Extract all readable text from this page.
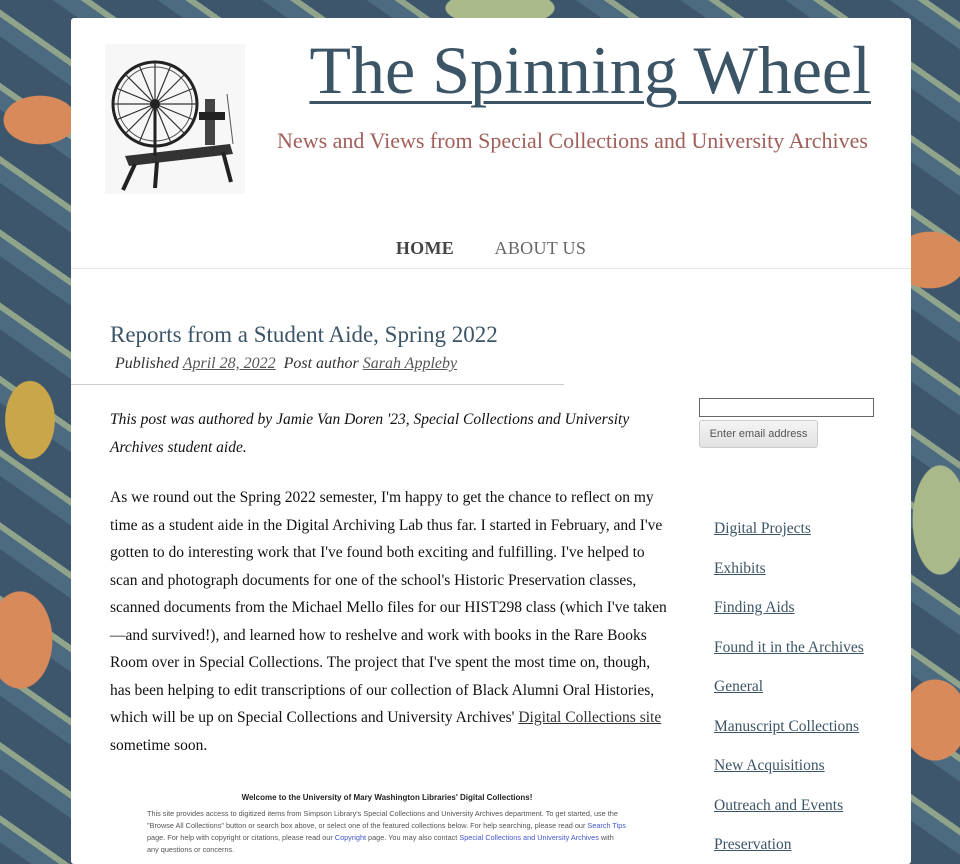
The Spinning Wheel
News and Views from Special Collections and University Archives
HOME ABOUT US
Reports from a Student Aide, Spring 2022
Published April 28, 2022 Post author Sarah Appleby

This post was authored by Jamie Van Doren '23, Special Collections and University Archives student aide.

As we round out the Spring 2022 semester, I'm happy to get the chance to reflect on my time as a student aide in the Digital Archiving Lab thus far. I started in February, and I've gotten to do interesting work that I've found both exciting and fulfilling. I've helped to scan and photograph documents for one of the school's Historic Preservation classes, scanned documents from the Michael Mello files for our HIST298 class (which I've taken—and survived!), and learned how to reshelve and work with books in the Rare Books Room over in Special Collections. The project that I've spent the most time on, though, has been helping to edit transcriptions of our collection of Black Alumni Oral Histories, which will be up on Special Collections and University Archives' Digital Collections site sometime soon.

Welcome to the University of Mary Washington Libraries' Digital Collections!
This site provides access to digitized items from Simpson Library's Special Collections and University Archives department. To get started, use the "Browse All Collections" button or search box above, or select one of the featured collections below. For help searching, please read our Search Tips page. For help with copyright or citations, please read our Copyright page. You may also contact Special Collections and University Archives with any questions or concerns.
Enter email address
Digital Projects
Exhibits
Finding Aids
Found it in the Archives
General
Manuscript Collections
New Acquisitions
Outreach and Events
Preservation
